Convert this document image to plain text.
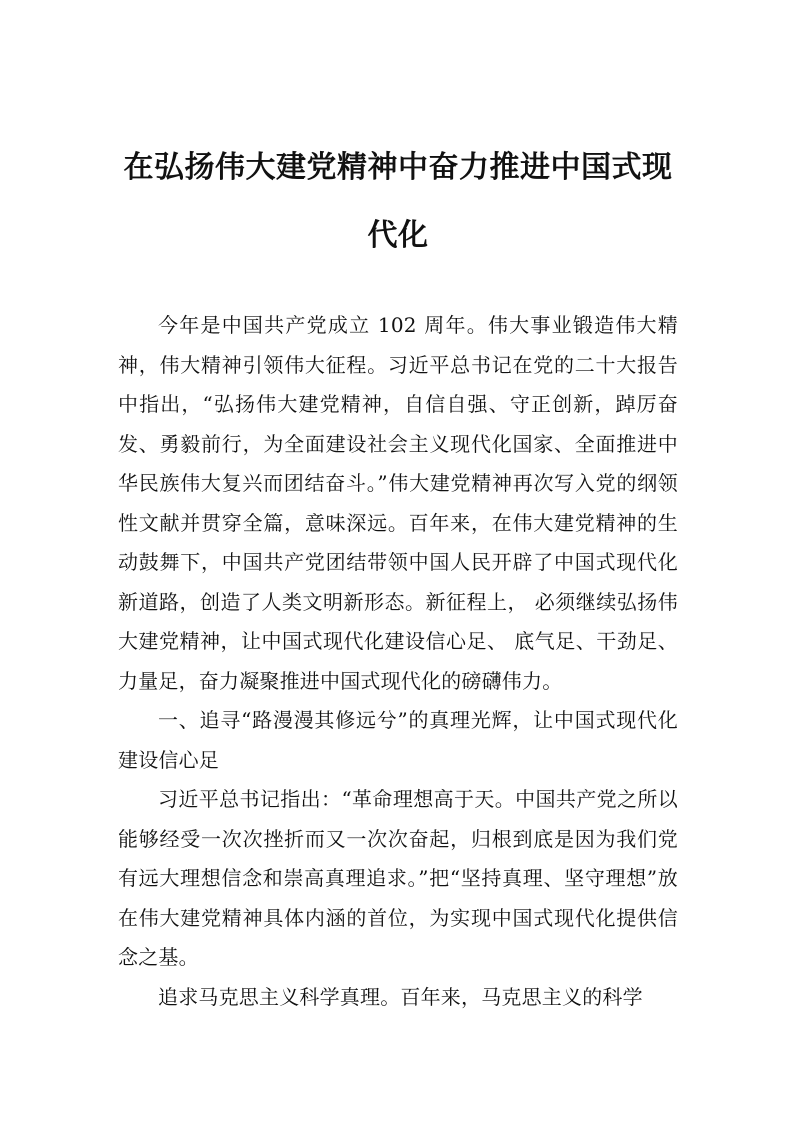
在弘扬伟大建党精神中奋力推进中国式现代化

今年是中国共产党成立 102 周年。伟大事业锻造伟大精神，伟大精神引领伟大征程。习近平总书记在党的二十大报告中指出，“弘扬伟大建党精神，自信自强、守正创新，踔厉奋发、勇毅前行，为全面建设社会主义现代化国家、全面推进中华民族伟大复兴而团结奋斗。”伟大建党精神再次写入党的纲领性文献并贯穿全篇，意味深远。百年来，在伟大建党精神的生动鼓舞下，中国共产党团结带领中国人民开辟了中国式现代化新道路，创造了人类文明新形态。新征程上， 必须继续弘扬伟大建党精神，让中国式现代化建设信心足、 底气足、干劲足、力量足，奋力凝聚推进中国式现代化的磅礴伟力。

一、追寻“路漫漫其修远兮”的真理光辉，让中国式现代化建设信心足

习近平总书记指出：“革命理想高于天。中国共产党之所以能够经受一次次挫折而又一次次奋起，归根到底是因为我们党有远大理想信念和崇高真理追求。”把“坚持真理、坚守理想”放在伟大建党精神具体内涵的首位，为实现中国式现代化提供信念之基。

追求马克思主义科学真理。百年来，马克思主义的科学
